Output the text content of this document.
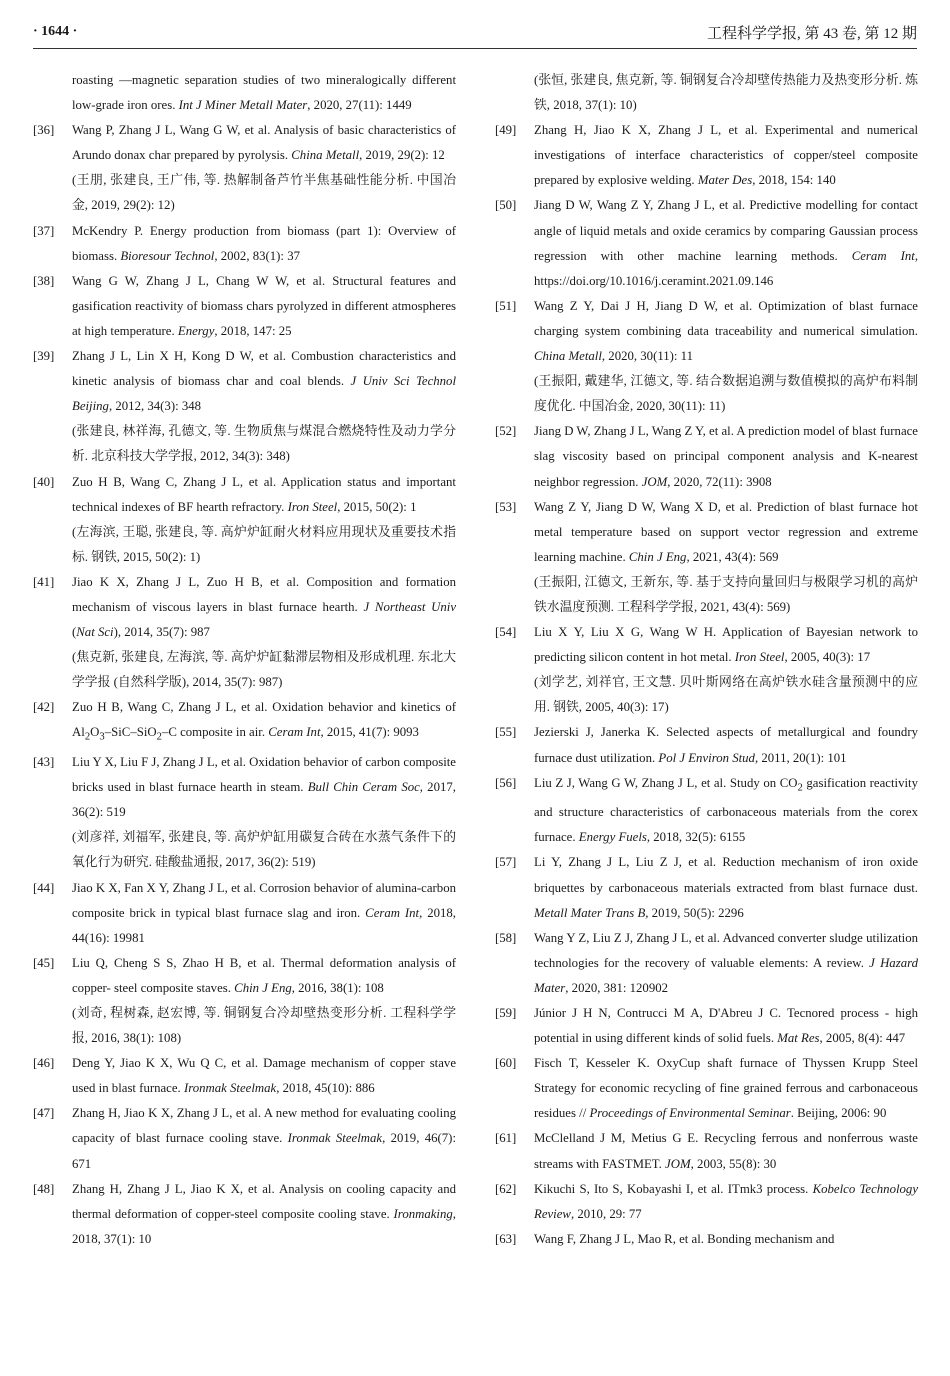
· 1644 ·	工程科学学报, 第 43 卷, 第 12 期
roasting —magnetic separation studies of two mineralogically different low-grade iron ores. Int J Miner Metall Mater, 2020, 27(11): 1449
[36]	Wang P, Zhang J L, Wang G W, et al. Analysis of basic characteristics of Arundo donax char prepared by pyrolysis. China Metall, 2019, 29(2): 12
(王朋, 张建良, 王广伟, 等. 热解制备芦竹半焦基础性能分析. 中国冶金, 2019, 29(2): 12)
[37]	McKendry P. Energy production from biomass (part 1): Overview of biomass. Bioresour Technol, 2002, 83(1): 37
[38]	Wang G W, Zhang J L, Chang W W, et al. Structural features and gasification reactivity of biomass chars pyrolyzed in different atmospheres at high temperature. Energy, 2018, 147: 25
[39]	Zhang J L, Lin X H, Kong D W, et al. Combustion characteristics and kinetic analysis of biomass char and coal blends. J Univ Sci Technol Beijing, 2012, 34(3): 348
(张建良, 林祥海, 孔德文, 等. 生物质焦与煤混合燃烧特性及动力学分析. 北京科技大学学报, 2012, 34(3): 348)
[40]	Zuo H B, Wang C, Zhang J L, et al. Application status and important technical indexes of BF hearth refractory. Iron Steel, 2015, 50(2): 1
(左海滨, 王聪, 张建良, 等. 高炉炉缸耐火材料应用现状及重要技术指标. 钢铁, 2015, 50(2): 1)
[41]	Jiao K X, Zhang J L, Zuo H B, et al. Composition and formation mechanism of viscous layers in blast furnace hearth. J Northeast Univ (Nat Sci), 2014, 35(7): 987
(焦克新, 张建良, 左海滨, 等. 高炉炉缸黏滞层物相及形成机理. 东北大学学报 (自然科学版), 2014, 35(7): 987)
[42]	Zuo H B, Wang C, Zhang J L, et al. Oxidation behavior and kinetics of $Al_2O_3-SiC-SiO_2-C$ composite in air. Ceram Int, 2015, 41(7): 9093
[43]	Liu Y X, Liu F J, Zhang J L, et al. Oxidation behavior of carbon composite bricks used in blast furnace hearth in steam. Bull Chin Ceram Soc, 2017, 36(2): 519
(刘彦祥, 刘福军, 张建良, 等. 高炉炉缸用碳复合砖在水蒸气条件下的氧化行为研究. 硅酸盐通报, 2017, 36(2): 519)
[44]	Jiao K X, Fan X Y, Zhang J L, et al. Corrosion behavior of alumina-carbon composite brick in typical blast furnace slag and iron. Ceram Int, 2018, 44(16): 19981
[45]	Liu Q, Cheng S S, Zhao H B, et al. Thermal deformation analysis of copper- steel composite staves. Chin J Eng, 2016, 38(1): 108
(刘奇, 程树森, 赵宏博, 等. 铜钢复合冷却壁热变形分析. 工程科学学报, 2016, 38(1): 108)
[46]	Deng Y, Jiao K X, Wu Q C, et al. Damage mechanism of copper stave used in blast furnace. Ironmak Steelmak, 2018, 45(10): 886
[47]	Zhang H, Jiao K X, Zhang J L, et al. A new method for evaluating cooling capacity of blast furnace cooling stave. Ironmak Steelmak, 2019, 46(7): 671
[48]	Zhang H, Zhang J L, Jiao K X, et al. Analysis on cooling capacity and thermal deformation of copper-steel composite cooling stave. Ironmaking, 2018, 37(1): 10
(张恒, 张建良, 焦克新, 等. 铜钢复合冷却壁传热能力及热变形分析. 炼铁, 2018, 37(1): 10)
[49]	Zhang H, Jiao K X, Zhang J L, et al. Experimental and numerical investigations of interface characteristics of copper/steel composite prepared by explosive welding. Mater Des, 2018, 154: 140
[50]	Jiang D W, Wang Z Y, Zhang J L, et al. Predictive modelling for contact angle of liquid metals and oxide ceramics by comparing Gaussian process regression with other machine learning methods. Ceram Int, https://doi.org/10.1016/j.ceramint.2021.09.146
[51]	Wang Z Y, Dai J H, Jiang D W, et al. Optimization of blast furnace charging system combining data traceability and numerical simulation. China Metall, 2020, 30(11): 11
(王振阳, 戴建华, 江德文, 等. 结合数据追溯与数值模拟的高炉布料制度优化. 中国冶金, 2020, 30(11): 11)
[52]	Jiang D W, Zhang J L, Wang Z Y, et al. A prediction model of blast furnace slag viscosity based on principal component analysis and K-nearest neighbor regression. JOM, 2020, 72(11): 3908
[53]	Wang Z Y, Jiang D W, Wang X D, et al. Prediction of blast furnace hot metal temperature based on support vector regression and extreme learning machine. Chin J Eng, 2021, 43(4): 569
(王振阳, 江德文, 王新东, 等. 基于支持向量回归与极限学习机的高炉铁水温度预测. 工程科学学报, 2021, 43(4): 569)
[54]	Liu X Y, Liu X G, Wang W H. Application of Bayesian network to predicting silicon content in hot metal. Iron Steel, 2005, 40(3): 17
(刘学艺, 刘祥官, 王文慧. 贝叶斯网络在高炉铁水硅含量预测中的应用. 钢铁, 2005, 40(3): 17)
[55]	Jezierski J, Janerka K. Selected aspects of metallurgical and foundry furnace dust utilization. Pol J Environ Stud, 2011, 20(1): 101
[56]	Liu Z J, Wang G W, Zhang J L, et al. Study on $CO_2$ gasification reactivity and structure characteristics of carbonaceous materials from the corex furnace. Energy Fuels, 2018, 32(5): 6155
[57]	Li Y, Zhang J L, Liu Z J, et al. Reduction mechanism of iron oxide briquettes by carbonaceous materials extracted from blast furnace dust. Metall Mater Trans B, 2019, 50(5): 2296
[58]	Wang Y Z, Liu Z J, Zhang J L, et al. Advanced converter sludge utilization technologies for the recovery of valuable elements: A review. J Hazard Mater, 2020, 381: 120902
[59]	Júnior J H N, Contrucci M A, D'Abreu J C. Tecnored process - high potential in using different kinds of solid fuels. Mat Res, 2005, 8(4): 447
[60]	Fisch T, Kesseler K. OxyCup shaft furnace of Thyssen Krupp Steel Strategy for economic recycling of fine grained ferrous and carbonaceous residues // Proceedings of Environmental Seminar. Beijing, 2006: 90
[61]	McClelland J M, Metius G E. Recycling ferrous and nonferrous waste streams with FASTMET. JOM, 2003, 55(8): 30
[62]	Kikuchi S, Ito S, Kobayashi I, et al. ITmk3 process. Kobelco Technology Review, 2010, 29: 77
[63]	Wang F, Zhang J L, Mao R, et al. Bonding mechanism and
